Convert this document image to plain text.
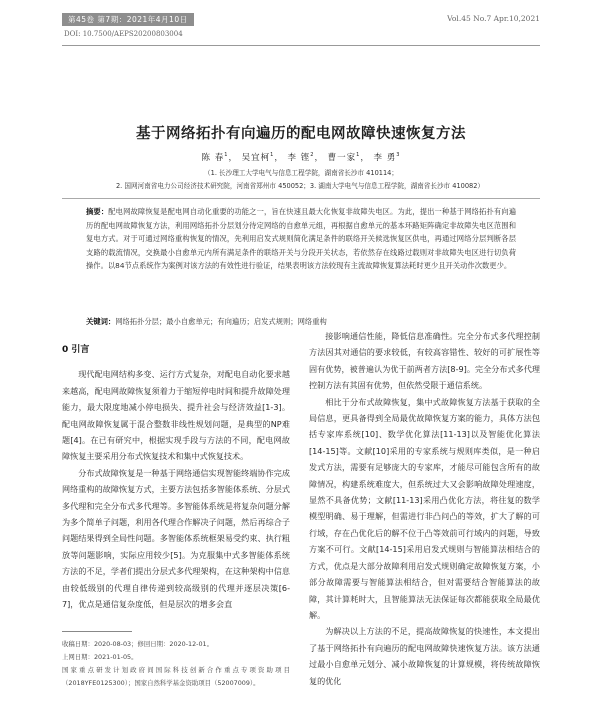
第45卷 第7期：2021年4月10日	Vol.45 No.7 Apr.10,2021
DOI: 10.7500/AEPS20200803004
基于网络拓扑有向遍历的配电网故障快速恢复方法
陈 春$^1$， 吴宜柯$^1$， 李 铿$^2$， 曹一家$^1$， 李 勇$^3$
（1. 长沙理工大学电气与信息工程学院，湖南省长沙市 410114；
2. 国网河南省电力公司经济技术研究院，河南省郑州市 450052；3. 湖南大学电气与信息工程学院，湖南省长沙市 410082）
摘要：配电网故障恢复是配电网自动化重要的功能之一，旨在快速且最大化恢复非故障失电区。为此，提出一种基于网络拓扑有向遍历的配电网故障恢复方法，利用网络拓扑分层划分待定网络的自愈单元组，再根据自愈单元的基本环路矩阵确定非故障失电区范围和复电方式。对于可通过网络重构恢复的情况，先利用启发式规则简化满足条件的联络开关候选恢复区供电，再通过网络分层判断各层支路的载流情况，交换最小自愈单元内所有满足条件的联络开关与分段开关状态，若依然存在线路过载则对非故障失电区进行切负荷操作。以84节点系统作为案例对该方法的有效性进行验证，结果表明该方法较现有主流故障恢复算法耗时更少且开关动作次数更少。
关键词：网络拓扑分层；最小自愈单元；有向遍历；启发式规则；网络重构
0 引言

现代配电网结构多变、运行方式复杂，对配电自动化要求越来越高，配电网故障恢复须着力于缩短停电时间和提升故障处理能力，最大限度地减小停电损失、提升社会与经济效益[1-3]。配电网故障恢复属于混合整数非线性规划问题，是典型的NP难题[4]。在已有研究中，根据实现手段与方法的不同，配电网故障恢复主要采用分布式恢复技术和集中式恢复技术。

分布式故障恢复是一种基于网络通信实现智能终端协作完成网络重构的故障恢复方式，主要方法包括多智能体系统、分层式多代理和完全分布式多代理等。多智能体系统是将复杂问题分解为多个简单子问题，利用各代理合作解决子问题，然后再综合子问题结果得到全局性问题。多智能体系统框架易受约束、执行粗放等问题影响，实际应用较少[5]。为克服集中式多智能体系统方法的不足，学者们提出分层式多代理架构，在这种架构中信息由较低级别的代理自律传递到较高级别的代理并逐层决策[6-7]，优点是通信复杂度低，但是层次的增多会直

收稿日期：2020-08-03；修回日期：2020-12-01。
上网日期：2021-01-05。
国家重点研发计划政府间国际科技创新合作重点专项资助项目（2018YFE0125300）；国家自然科学基金资助项目（52007009）。

接影响通信性能，降低信息准确性。完全分布式多代理控制方法因其对通信的要求较低，有较高容错性、较好的可扩展性等固有优势，被普遍认为优于前两者方法[8-9]。完全分布式多代理控制方法有其固有优势，但依然受限于通信系统。

相比于分布式故障恢复，集中式故障恢复方法基于获取的全局信息，更具备得到全局最优故障恢复方案的能力，具体方法包括专家库系统[10]、数学优化算法[11-13]以及智能优化算法[14-15]等。文献[10]采用的专家系统与规则库类似，是一种启发式方法，需要有足够庞大的专家库，才能尽可能包含所有的故障情况，构建系统难度大，但系统过大又会影响故障处理速度，显然不具备优势；文献[11-13]采用凸优化方法，将往复的数学模型明确、易于理解，但需进行非凸问凸的等效，扩大了解的可行域，存在凸优化后的解不位于凸等效前可行域内的问题，导致方案不可行。文献[14-15]采用启发式规则与智能算法相结合的方式，优点是大部分故障利用启发式规则确定故障恢复方案，小部分故障需要与智能算法相结合，但对需要结合智能算法的故障，其计算耗时大，且智能算法无法保证每次都能获取全局最优解。

为解决以上方法的不足，提高故障恢复的快速性，本文提出了基于网络拓扑有向遍历的配电网故障快速恢复方法。该方法通过最小自愈单元划分、减小故障恢复的计算规模，将传统故障恢复的优化
